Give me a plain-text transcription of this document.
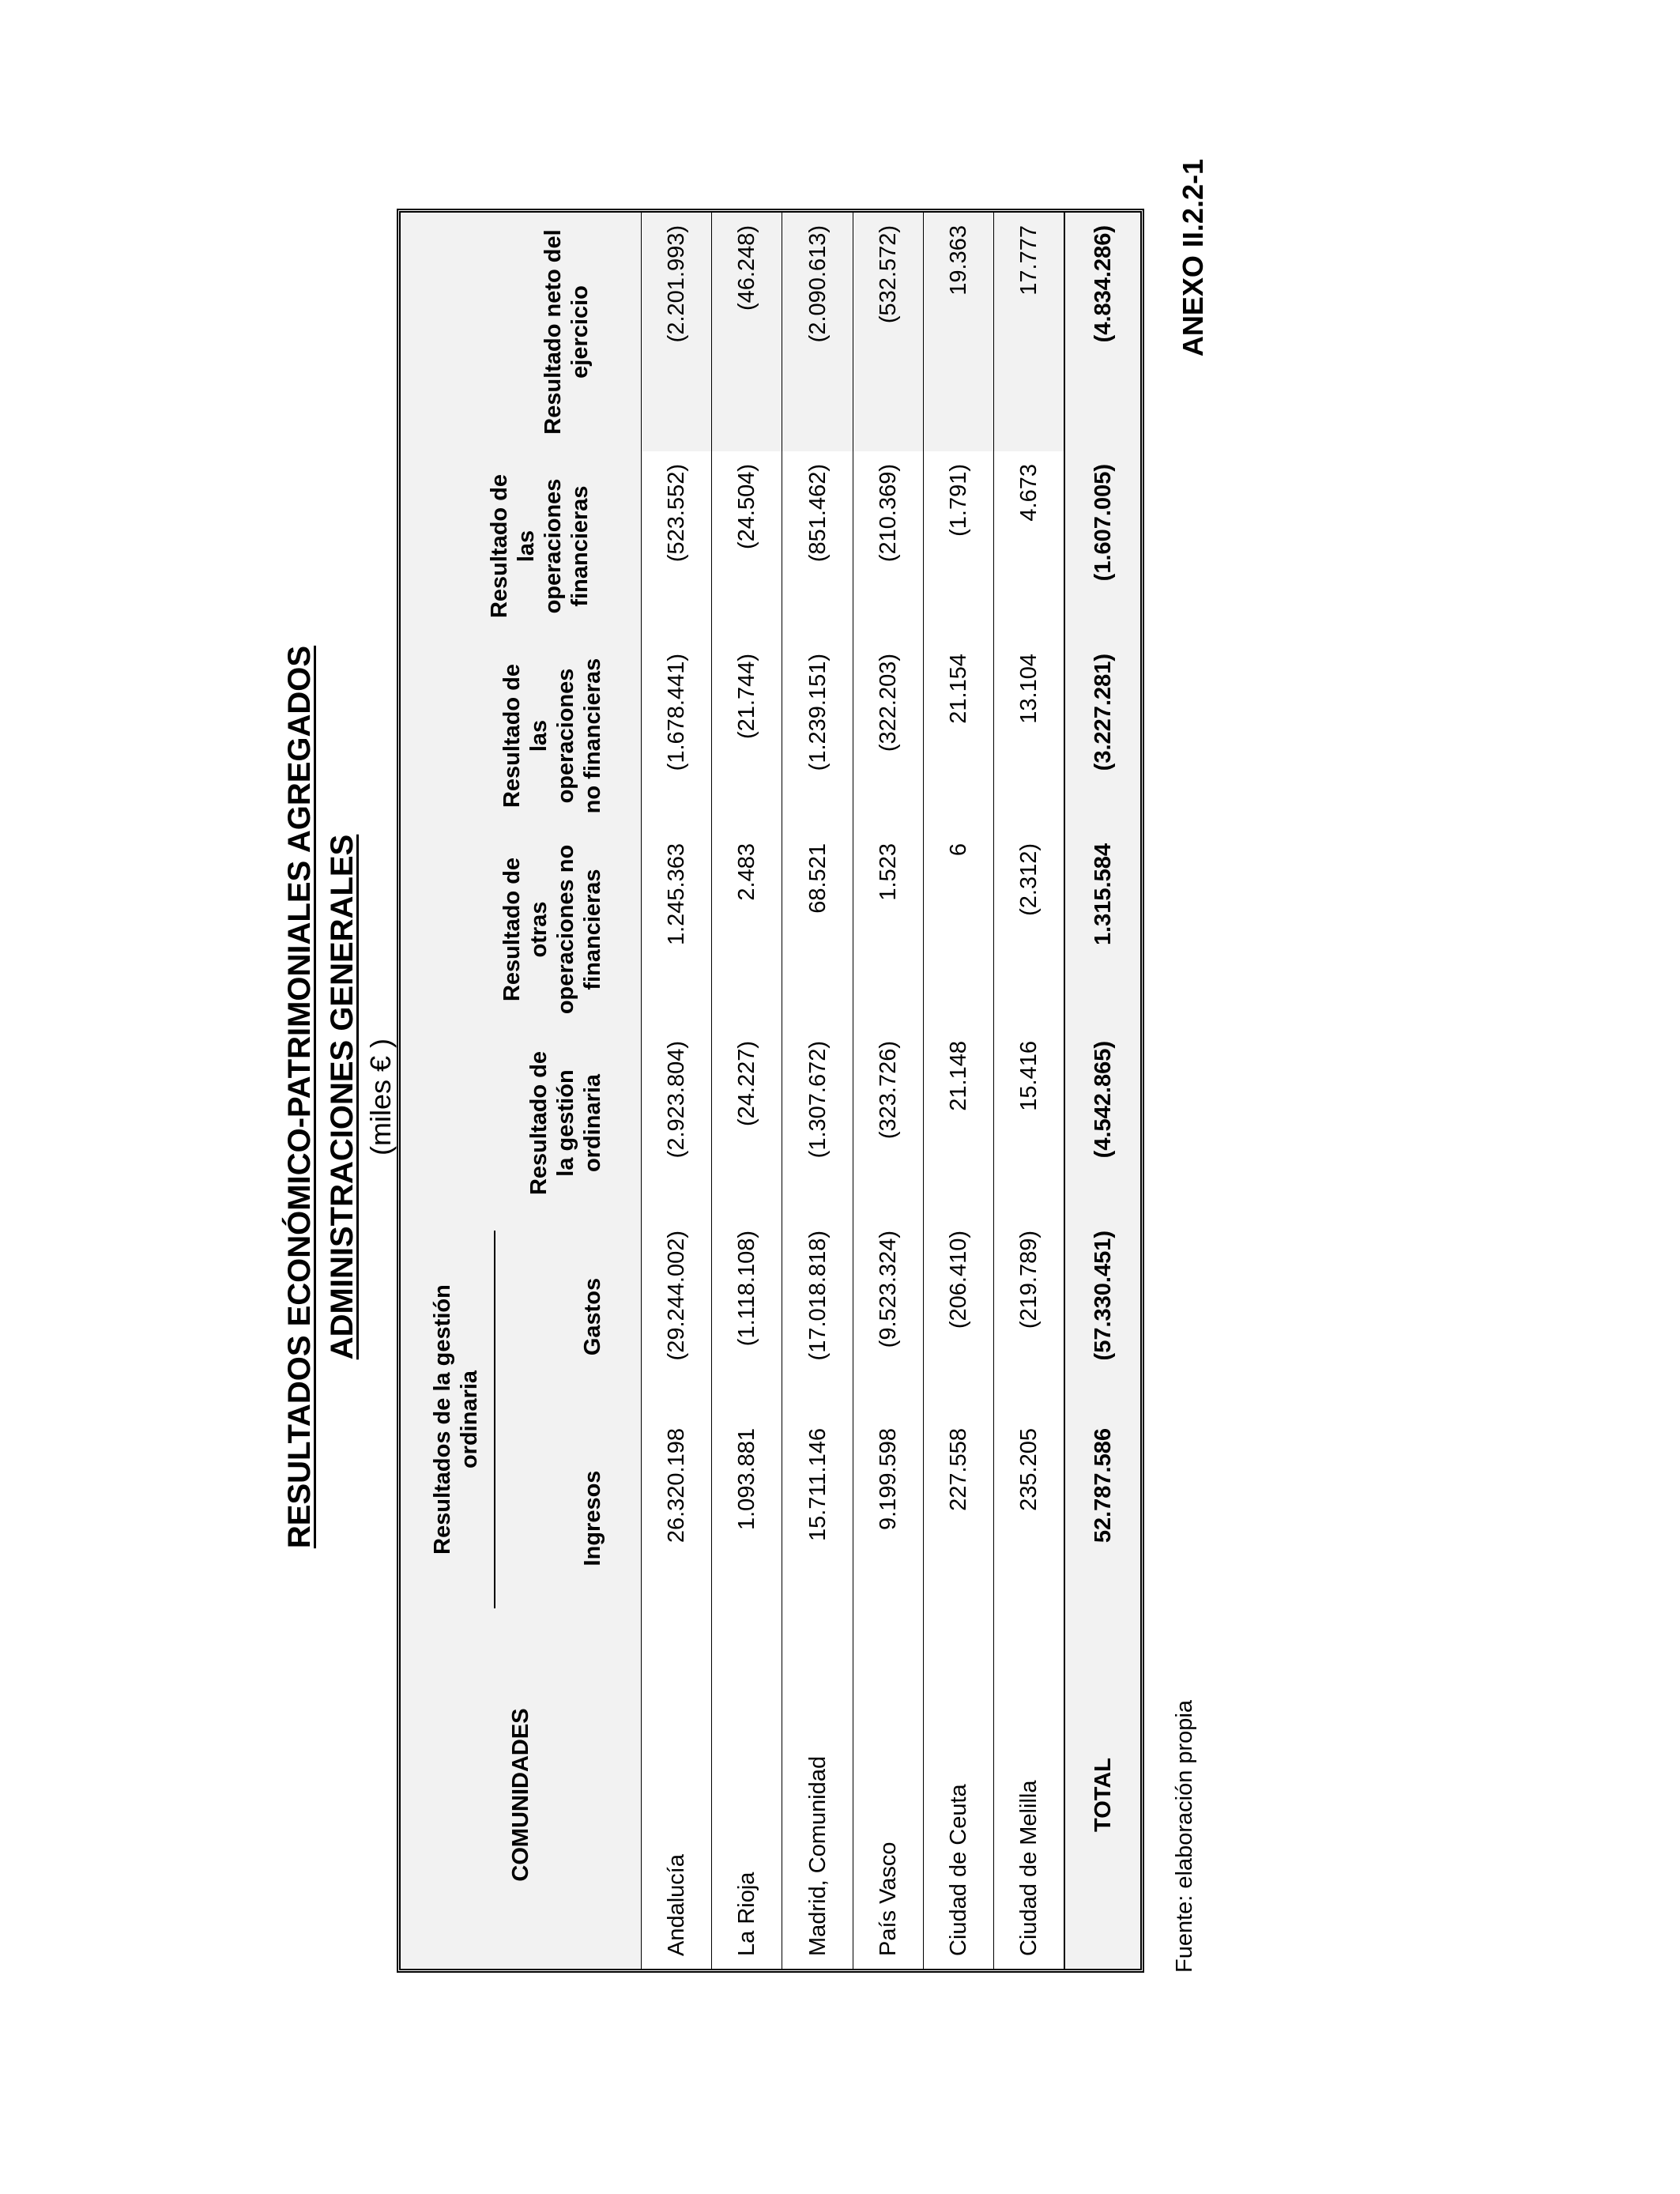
ANEXO II.2.2-1
RESULTADOS ECONÓMICO-PATRIMONIALES AGREGADOS ADMINISTRACIONES GENERALES (miles € )
COMUNIDADES	Resultados de la gestión ordinaria		Resultado de la gestión ordinaria	Resultado de otras operaciones no financieras	Resultado de las operaciones no financieras	Resultado de las operaciones financieras	Resultado neto del ejercicio
	Ingresos	Gastos					
Andalucía	26.320.198	(29.244.002)	(2.923.804)	1.245.363	(1.678.441)	(523.552)	(2.201.993)
La Rioja	1.093.881	(1.118.108)	(24.227)	2.483	(21.744)	(24.504)	(46.248)
Madrid, Comunidad	15.711.146	(17.018.818)	(1.307.672)	68.521	(1.239.151)	(851.462)	(2.090.613)
País Vasco	9.199.598	(9.523.324)	(323.726)	1.523	(322.203)	(210.369)	(532.572)
Ciudad de Ceuta	227.558	(206.410)	21.148	6	21.154	(1.791)	19.363
Ciudad de Melilla	235.205	(219.789)	15.416	(2.312)	13.104	4.673	17.777
TOTAL	52.787.586	(57.330.451)	(4.542.865)	1.315.584	(3.227.281)	(1.607.005)	(4.834.286)
Fuente: elaboración propia
